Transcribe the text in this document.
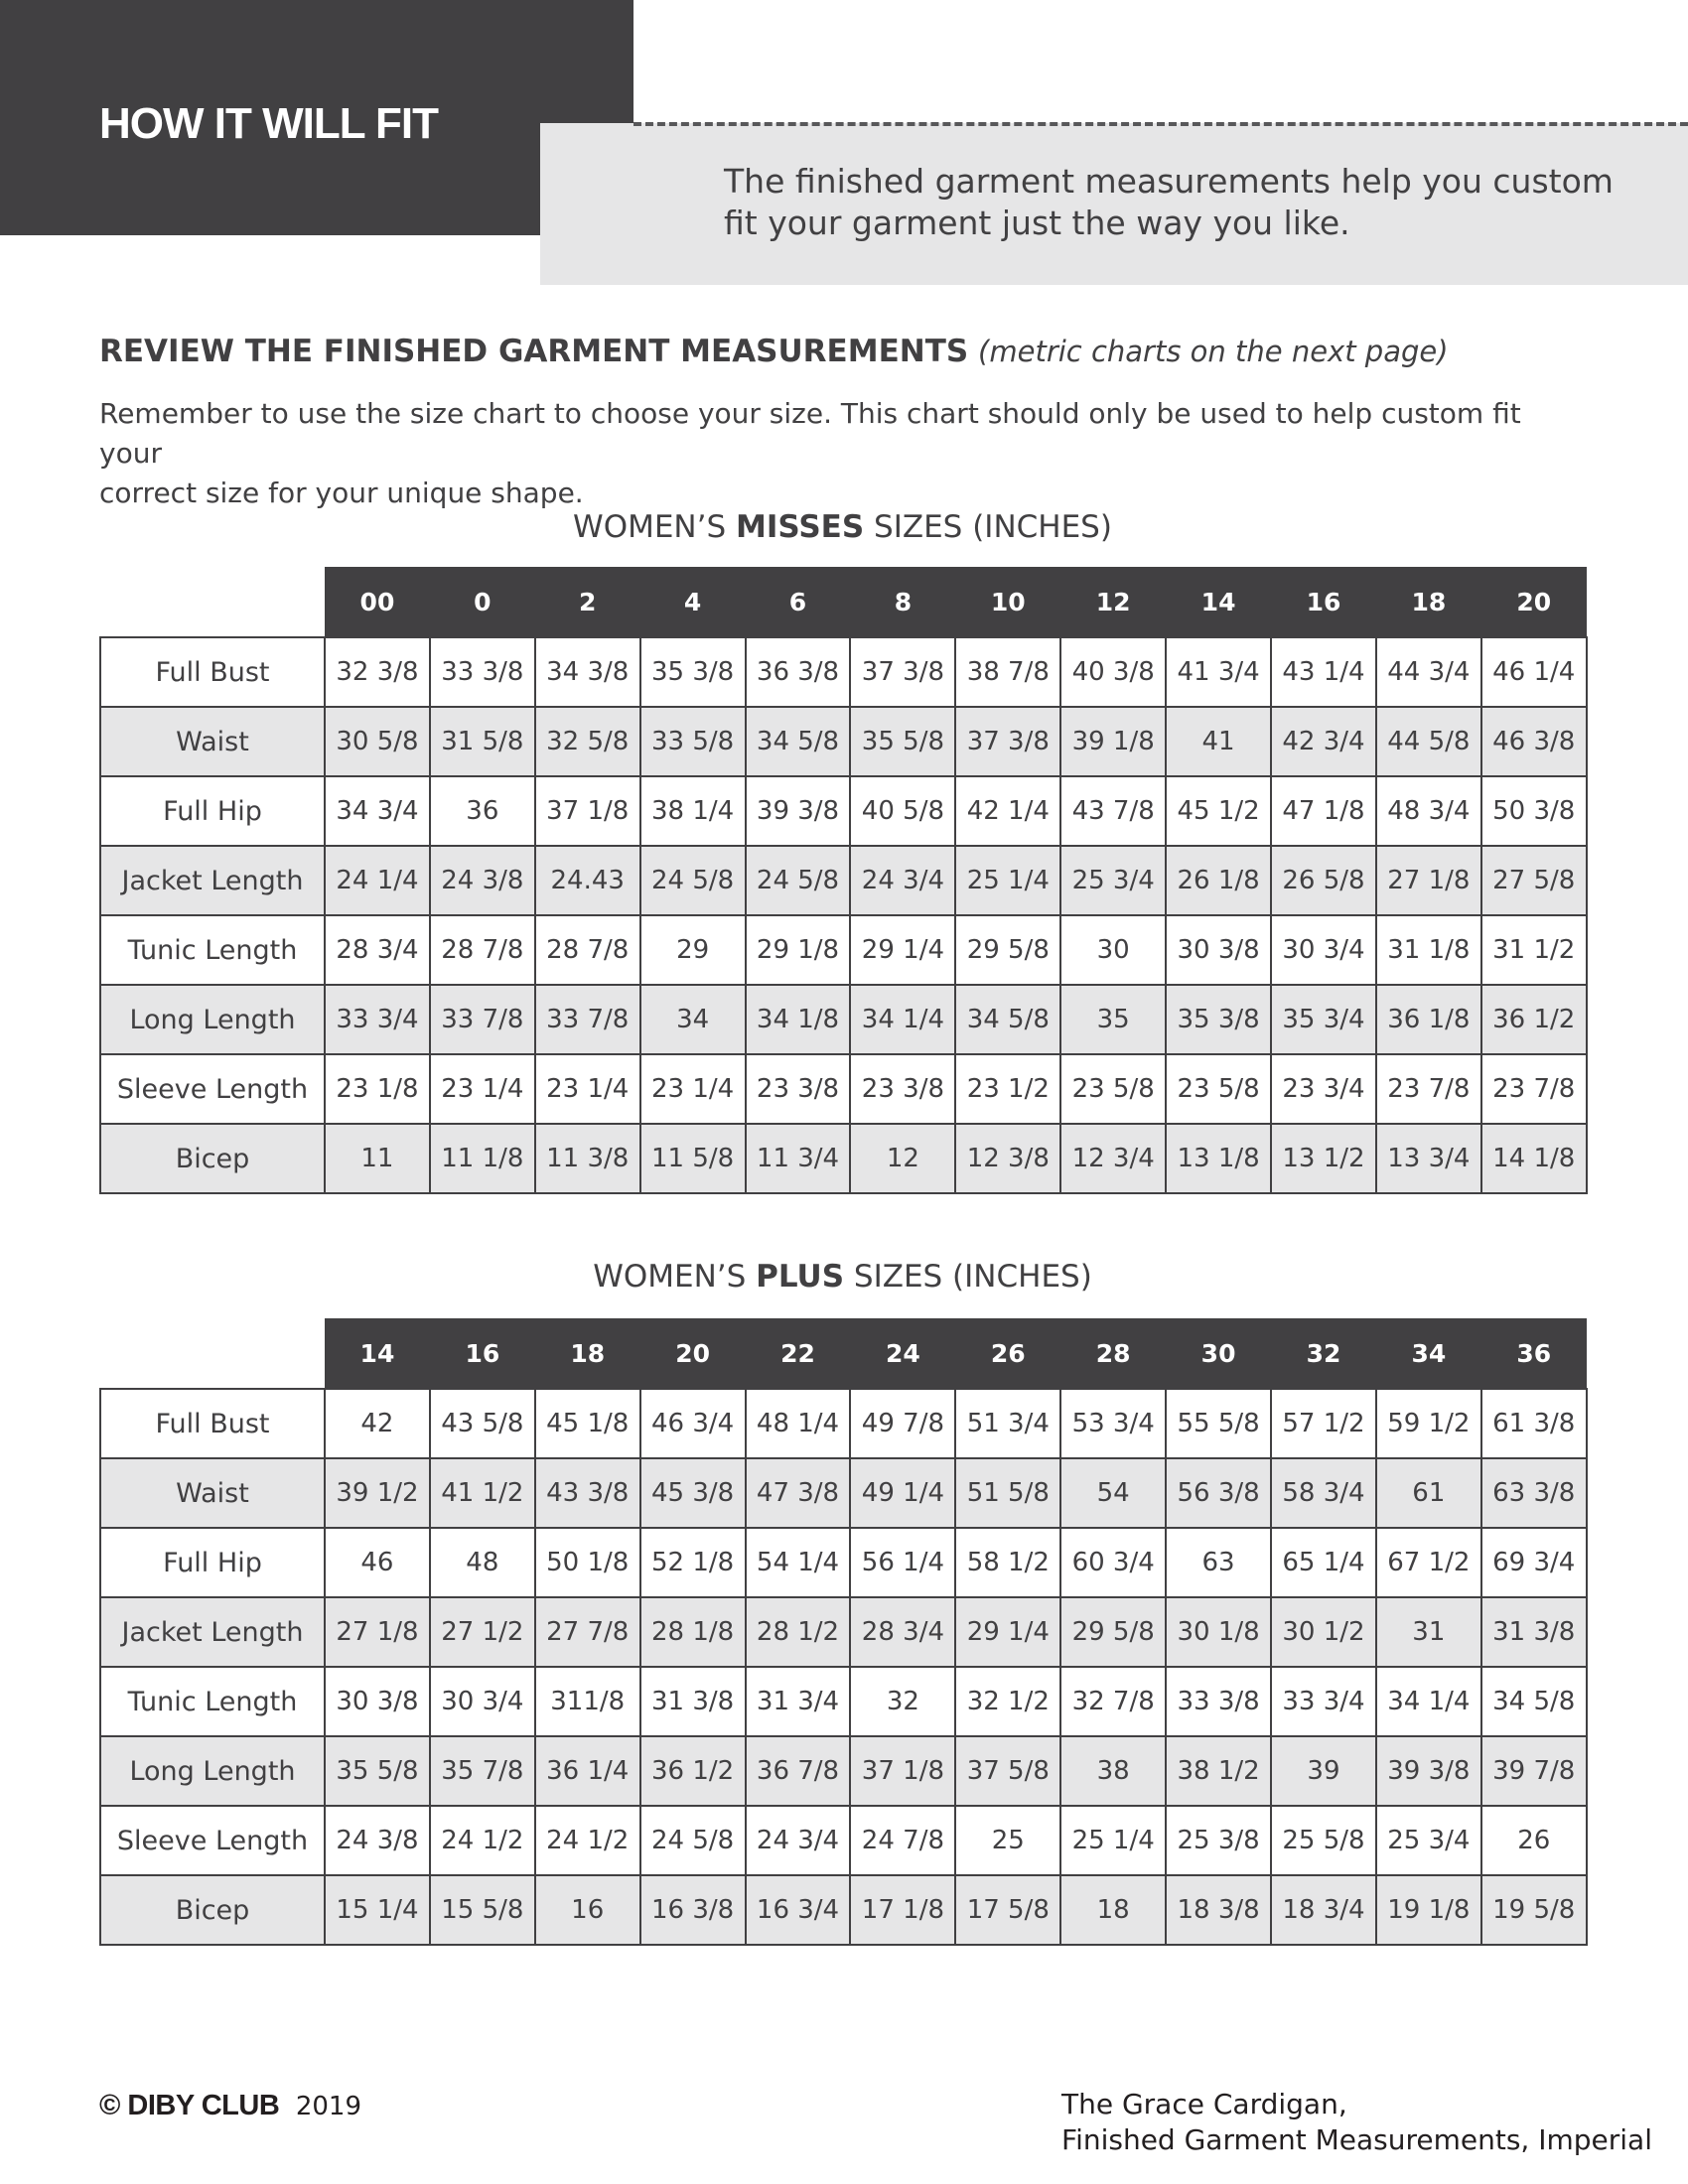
HOW IT WILL FIT
The finished garment measurements help you custom
fit your garment just the way you like.
REVIEW THE FINISHED GARMENT MEASUREMENTS (metric charts on the next page)
Remember to use the size chart to choose your size. This chart should only be used to help custom fit your
correct size for your unique shape.
WOMEN’S MISSES SIZES (INCHES)
	00	0	2	4	6	8	10	12	14	16	18	20
Full Bust	32 3/8	33 3/8	34 3/8	35 3/8	36 3/8	37 3/8	38 7/8	40 3/8	41 3/4	43 1/4	44 3/4	46 1/4
Waist	30 5/8	31 5/8	32 5/8	33 5/8	34 5/8	35 5/8	37 3/8	39 1/8	41	42 3/4	44 5/8	46 3/8
Full Hip	34 3/4	36	37 1/8	38 1/4	39 3/8	40 5/8	42 1/4	43 7/8	45 1/2	47 1/8	48 3/4	50 3/8
Jacket Length	24 1/4	24 3/8	24.43	24 5/8	24 5/8	24 3/4	25 1/4	25 3/4	26 1/8	26 5/8	27 1/8	27 5/8
Tunic Length	28 3/4	28 7/8	28 7/8	29	29 1/8	29 1/4	29 5/8	30	30 3/8	30 3/4	31 1/8	31 1/2
Long Length	33 3/4	33 7/8	33 7/8	34	34 1/8	34 1/4	34 5/8	35	35 3/8	35 3/4	36 1/8	36 1/2
Sleeve Length	23 1/8	23 1/4	23 1/4	23 1/4	23 3/8	23 3/8	23 1/2	23 5/8	23 5/8	23 3/4	23 7/8	23 7/8
Bicep	11	11 1/8	11 3/8	11 5/8	11 3/4	12	12 3/8	12 3/4	13 1/8	13 1/2	13 3/4	14 1/8
WOMEN’S PLUS SIZES (INCHES)
	14	16	18	20	22	24	26	28	30	32	34	36
Full Bust	42	43 5/8	45 1/8	46 3/4	48 1/4	49 7/8	51 3/4	53 3/4	55 5/8	57 1/2	59 1/2	61 3/8
Waist	39 1/2	41 1/2	43 3/8	45 3/8	47 3/8	49 1/4	51 5/8	54	56 3/8	58 3/4	61	63 3/8
Full Hip	46	48	50 1/8	52 1/8	54 1/4	56 1/4	58 1/2	60 3/4	63	65 1/4	67 1/2	69 3/4
Jacket Length	27 1/8	27 1/2	27 7/8	28 1/8	28 1/2	28 3/4	29 1/4	29 5/8	30 1/8	30 1/2	31	31 3/8
Tunic Length	30 3/8	30 3/4	311/8	31 3/8	31 3/4	32	32 1/2	32 7/8	33 3/8	33 3/4	34 1/4	34 5/8
Long Length	35 5/8	35 7/8	36 1/4	36 1/2	36 7/8	37 1/8	37 5/8	38	38 1/2	39	39 3/8	39 7/8
Sleeve Length	24 3/8	24 1/2	24 1/2	24 5/8	24 3/4	24 7/8	25	25 1/4	25 3/8	25 5/8	25 3/4	26
Bicep	15 1/4	15 5/8	16	16 3/8	16 3/4	17 1/8	17 5/8	18	18 3/8	18 3/4	19 1/8	19 5/8
© DIBY CLUB 2019	The Grace Cardigan,
Finished Garment Measurements, Imperial
